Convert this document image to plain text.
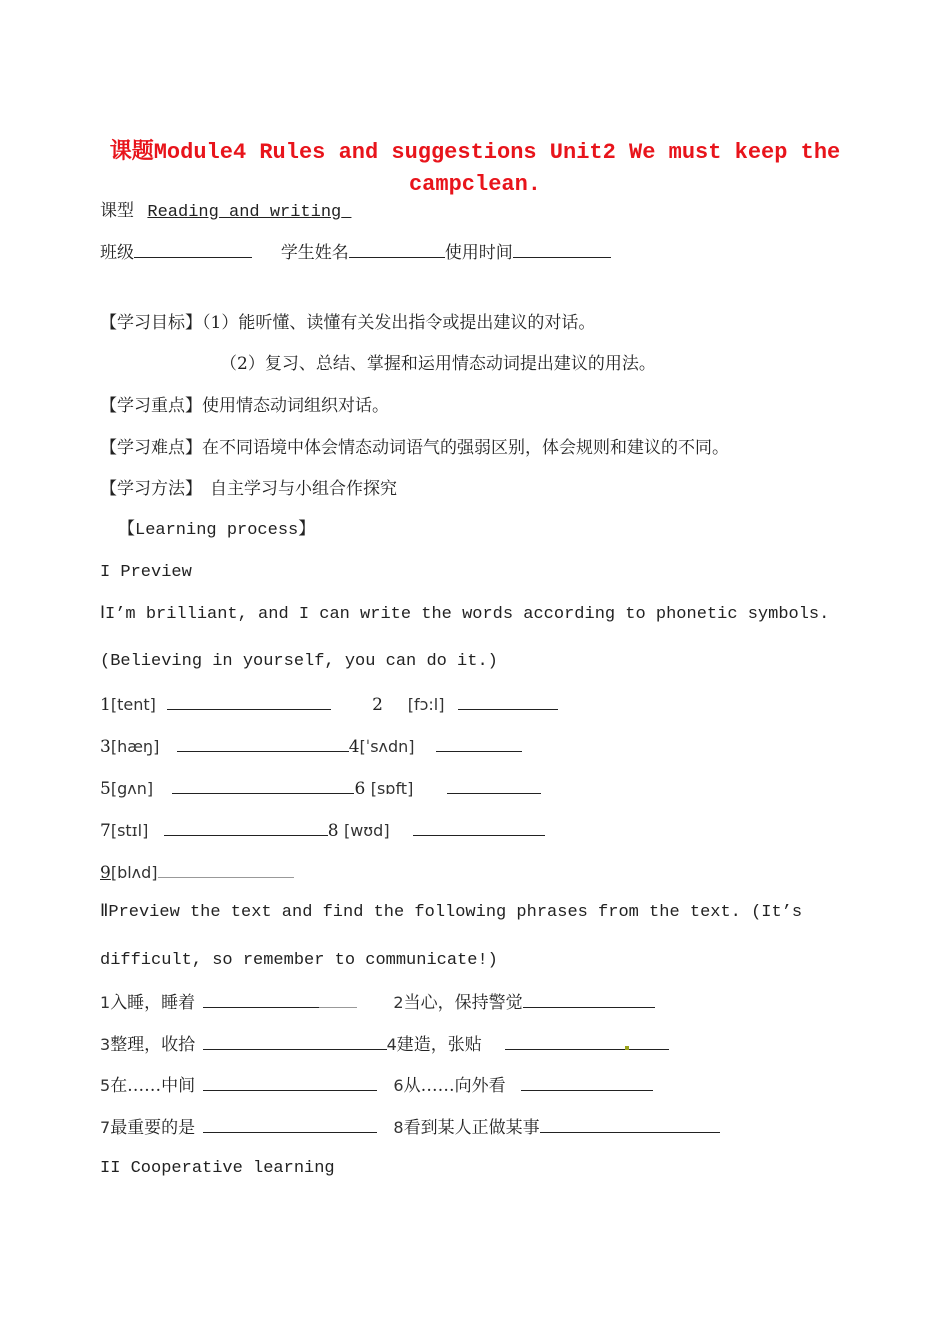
课题Module4 Rules and suggestions Unit2 We must keep the
campclean.
课型 Reading and writing
班级	学生姓名	使用时间
【学习目标】（1）能听懂、读懂有关发出指令或提出建议的对话。
（2）复习、总结、掌握和运用情态动词提出建议的用法。
【学习重点】使用情态动词组织对话。
【学习难点】在不同语境中体会情态动词语气的强弱区别，体会规则和建议的不同。
【学习方法】 自主学习与小组合作探究
【Learning process】
I Preview
ⅠI’m brilliant, and I can write the words according to phonetic symbols.
(Believing in yourself, you can do it.)
1[tent]	2 [fɔ:l]
3[hæŋ]	4[ˈsʌdn]
5[gʌn]	6 [sɒft]
7[stɪl]	8 [wʊd]
9[blʌd]
ⅡPreview the text and find the following phrases from the text. (It’s
difficult, so remember to communicate!)
1入睡，睡着	2当心，保持警觉
3整理，收拾	4建造，张贴
5在……中间	6从……向外看
7最重要的是	8看到某人正做某事
II Cooperative learning
